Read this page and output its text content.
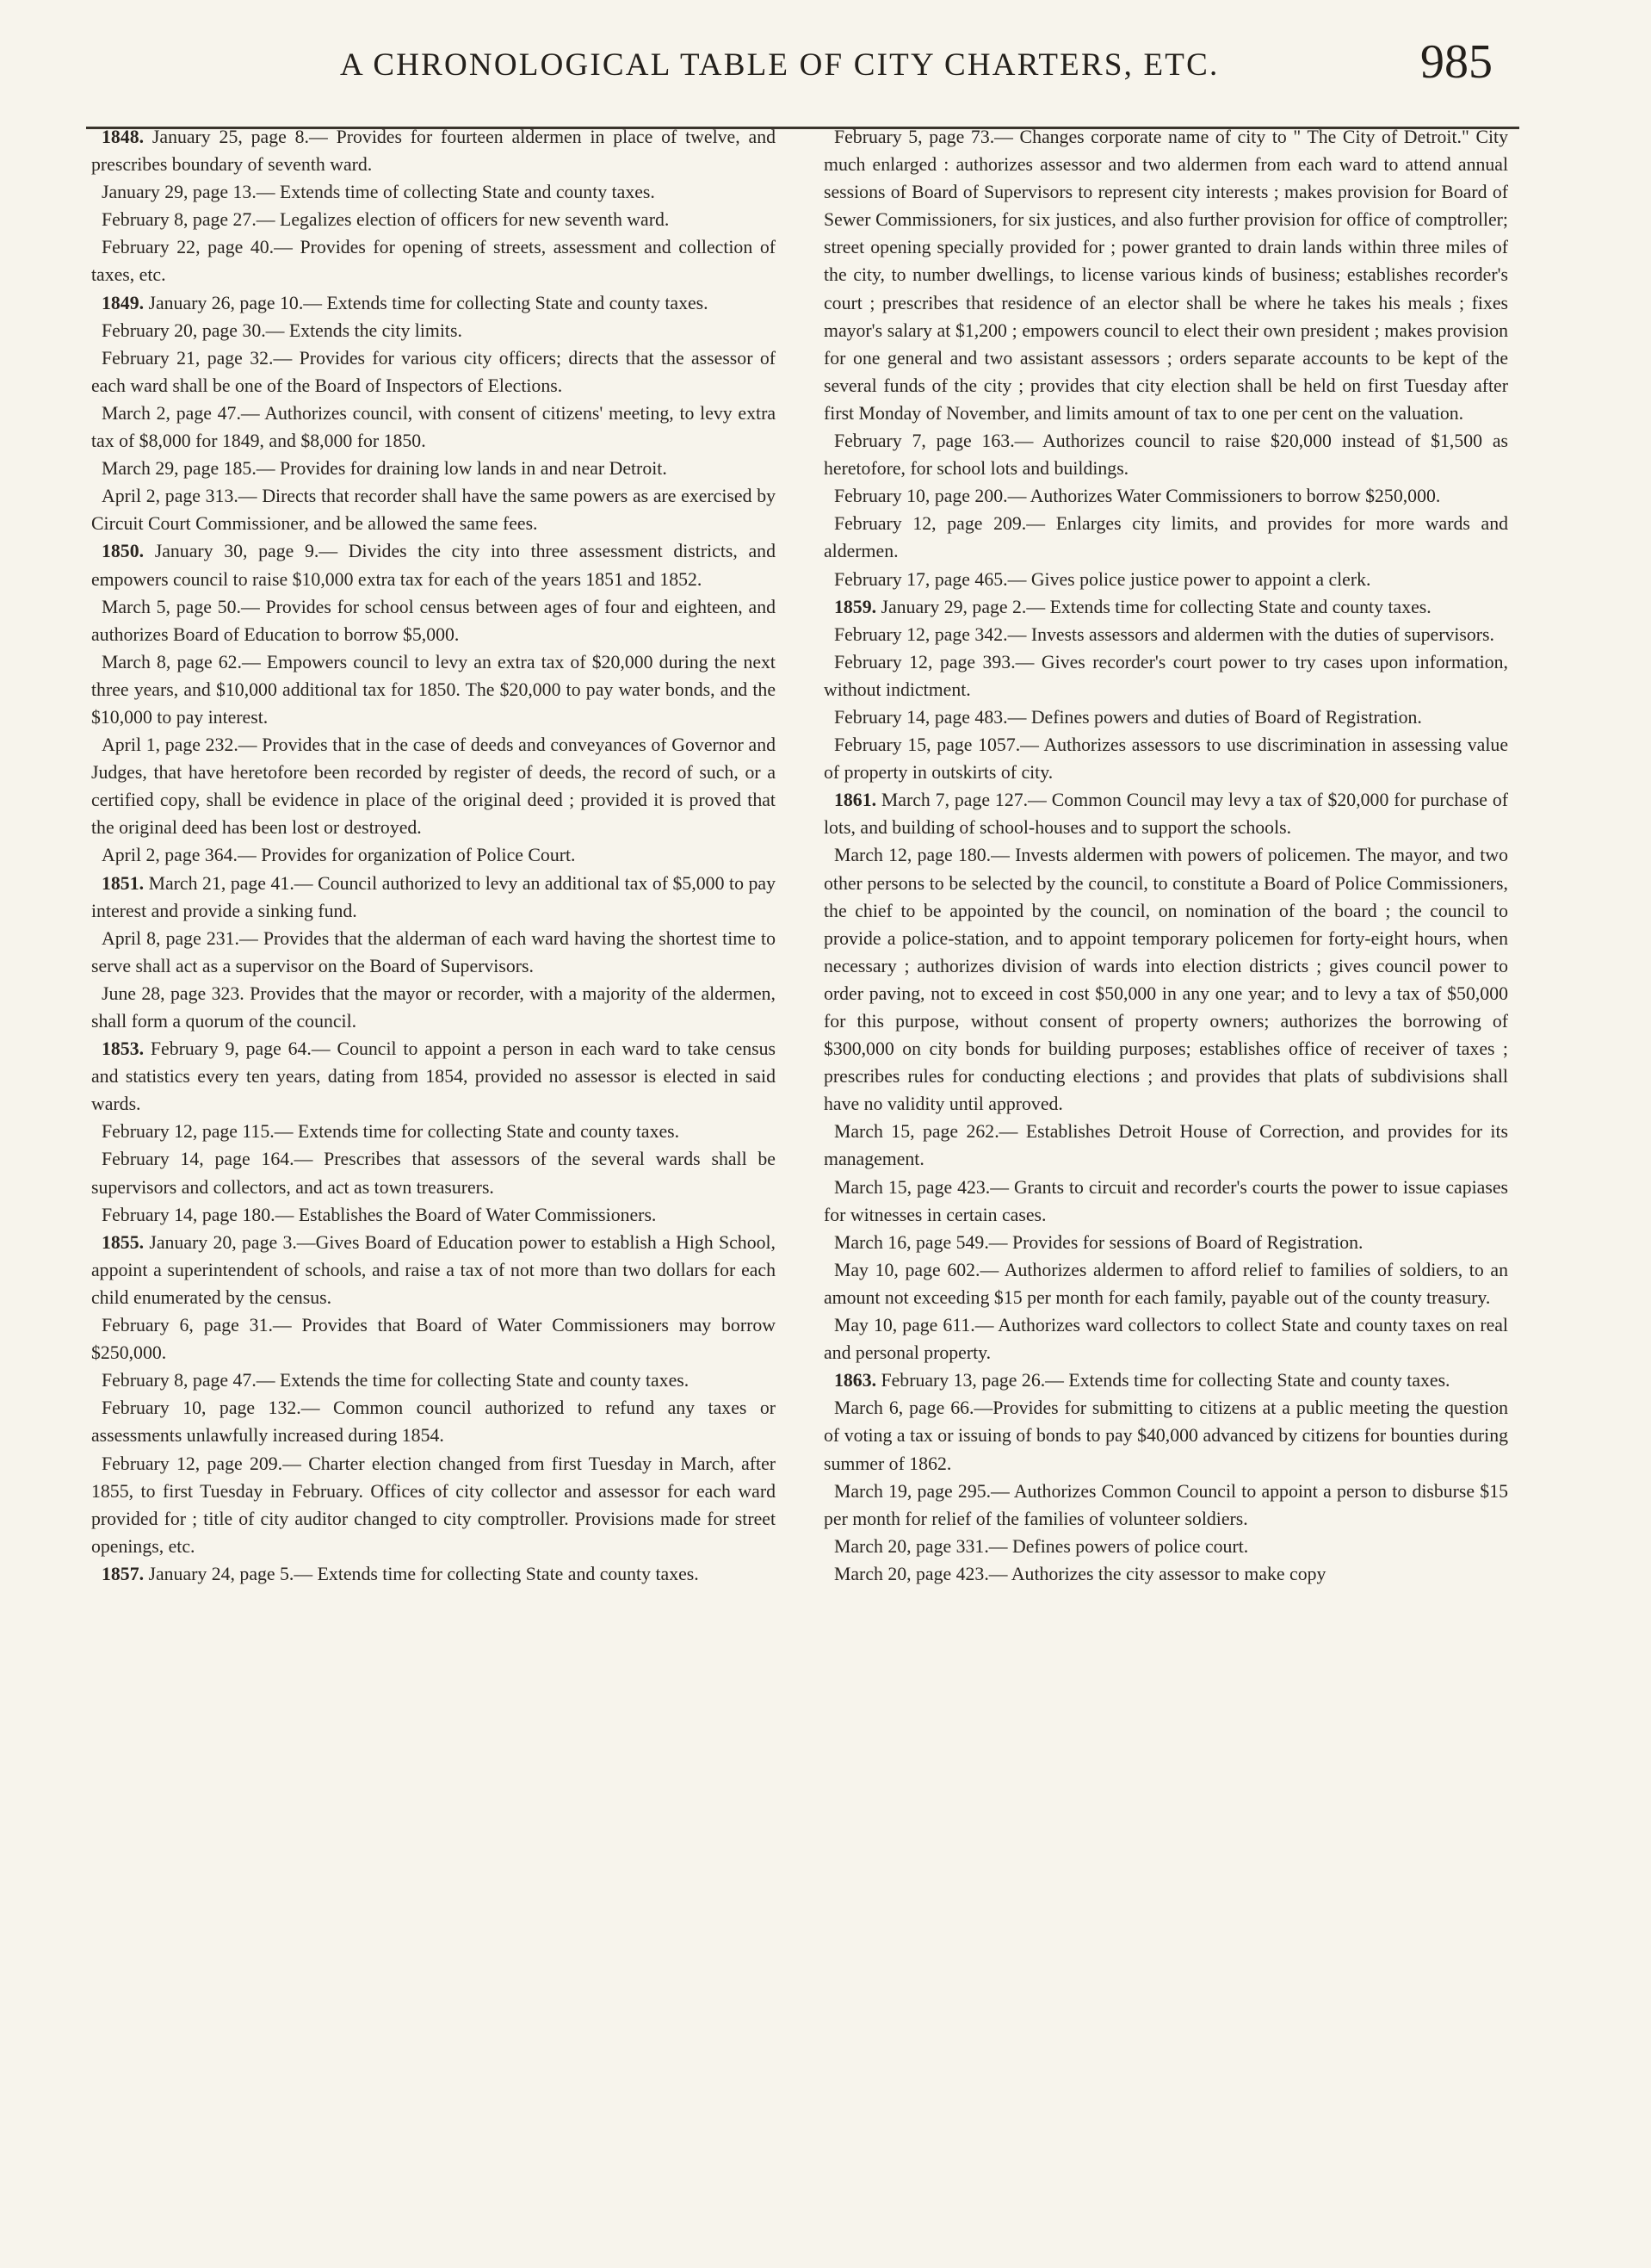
A CHRONOLOGICAL TABLE OF CITY CHARTERS, ETC.	985

1848. January 25, page 8.— Provides for fourteen aldermen in place of twelve, and prescribes boundary of seventh ward.

January 29, page 13.— Extends time of collecting State and county taxes.

February 8, page 27.— Legalizes election of officers for new seventh ward.

February 22, page 40.— Provides for opening of streets, assessment and collection of taxes, etc.

1849. January 26, page 10.— Extends time for collecting State and county taxes.

February 20, page 30.— Extends the city limits.

February 21, page 32.— Provides for various city officers; directs that the assessor of each ward shall be one of the Board of Inspectors of Elections.

March 2, page 47.— Authorizes council, with consent of citizens' meeting, to levy extra tax of $8,000 for 1849, and $8,000 for 1850.

March 29, page 185.— Provides for draining low lands in and near Detroit.

April 2, page 313.— Directs that recorder shall have the same powers as are exercised by Circuit Court Commissioner, and be allowed the same fees.

1850. January 30, page 9.— Divides the city into three assessment districts, and empowers council to raise $10,000 extra tax for each of the years 1851 and 1852.

March 5, page 50.— Provides for school census between ages of four and eighteen, and authorizes Board of Education to borrow $5,000.

March 8, page 62.— Empowers council to levy an extra tax of $20,000 during the next three years, and $10,000 additional tax for 1850. The $20,000 to pay water bonds, and the $10,000 to pay interest.

April 1, page 232.— Provides that in the case of deeds and conveyances of Governor and Judges, that have heretofore been recorded by register of deeds, the record of such, or a certified copy, shall be evidence in place of the original deed ; provided it is proved that the original deed has been lost or destroyed.

April 2, page 364.— Provides for organization of Police Court.

1851. March 21, page 41.— Council authorized to levy an additional tax of $5,000 to pay interest and provide a sinking fund.

April 8, page 231.— Provides that the alderman of each ward having the shortest time to serve shall act as a supervisor on the Board of Supervisors.

June 28, page 323. Provides that the mayor or recorder, with a majority of the aldermen, shall form a quorum of the council.

1853. February 9, page 64.— Council to appoint a person in each ward to take census and statistics every ten years, dating from 1854, provided no assessor is elected in said wards.

February 12, page 115.— Extends time for collecting State and county taxes.

February 14, page 164.— Prescribes that assessors of the several wards shall be supervisors and collectors, and act as town treasurers.

February 14, page 180.— Establishes the Board of Water Commissioners.

1855. January 20, page 3.—Gives Board of Education power to establish a High School, appoint a superintendent of schools, and raise a tax of not more than two dollars for each child enumerated by the census.

February 6, page 31.— Provides that Board of Water Commissioners may borrow $250,000.

February 8, page 47.— Extends the time for collecting State and county taxes.

February 10, page 132.— Common council authorized to refund any taxes or assessments unlawfully increased during 1854.

February 12, page 209.— Charter election changed from first Tuesday in March, after 1855, to first Tuesday in February. Offices of city collector and assessor for each ward provided for ; title of city auditor changed to city comptroller. Provisions made for street openings, etc.

1857. January 24, page 5.— Extends time for collecting State and county taxes.

February 5, page 73.— Changes corporate name of city to " The City of Detroit." City much enlarged : authorizes assessor and two aldermen from each ward to attend annual sessions of Board of Supervisors to represent city interests ; makes provision for Board of Sewer Commissioners, for six justices, and also further provision for office of comptroller; street opening specially provided for ; power granted to drain lands within three miles of the city, to number dwellings, to license various kinds of business; establishes recorder's court ; prescribes that residence of an elector shall be where he takes his meals ; fixes mayor's salary at $1,200 ; empowers council to elect their own president ; makes provision for one general and two assistant assessors ; orders separate accounts to be kept of the several funds of the city ; provides that city election shall be held on first Tuesday after first Monday of November, and limits amount of tax to one per cent on the valuation.

February 7, page 163.— Authorizes council to raise $20,000 instead of $1,500 as heretofore, for school lots and buildings.

February 10, page 200.— Authorizes Water Commissioners to borrow $250,000.

February 12, page 209.— Enlarges city limits, and provides for more wards and aldermen.

February 17, page 465.— Gives police justice power to appoint a clerk.

1859. January 29, page 2.— Extends time for collecting State and county taxes.

February 12, page 342.— Invests assessors and aldermen with the duties of supervisors.

February 12, page 393.— Gives recorder's court power to try cases upon information, without indictment.

February 14, page 483.— Defines powers and duties of Board of Registration.

February 15, page 1057.— Authorizes assessors to use discrimination in assessing value of property in outskirts of city.

1861. March 7, page 127.— Common Council may levy a tax of $20,000 for purchase of lots, and building of school-houses and to support the schools.

March 12, page 180.— Invests aldermen with powers of policemen. The mayor, and two other persons to be selected by the council, to constitute a Board of Police Commissioners, the chief to be appointed by the council, on nomination of the board ; the council to provide a police-station, and to appoint temporary policemen for forty-eight hours, when necessary ; authorizes division of wards into election districts ; gives council power to order paving, not to exceed in cost $50,000 in any one year; and to levy a tax of $50,000 for this purpose, without consent of property owners; authorizes the borrowing of $300,000 on city bonds for building purposes; establishes office of receiver of taxes ; prescribes rules for conducting elections ; and provides that plats of subdivisions shall have no validity until approved.

March 15, page 262.— Establishes Detroit House of Correction, and provides for its management.

March 15, page 423.— Grants to circuit and recorder's courts the power to issue capiases for witnesses in certain cases.

March 16, page 549.— Provides for sessions of Board of Registration.

May 10, page 602.— Authorizes aldermen to afford relief to families of soldiers, to an amount not exceeding $15 per month for each family, payable out of the county treasury.

May 10, page 611.— Authorizes ward collectors to collect State and county taxes on real and personal property.

1863. February 13, page 26.— Extends time for collecting State and county taxes.

March 6, page 66.—Provides for submitting to citizens at a public meeting the question of voting a tax or issuing of bonds to pay $40,000 advanced by citizens for bounties during summer of 1862.

March 19, page 295.— Authorizes Common Council to appoint a person to disburse $15 per month for relief of the families of volunteer soldiers.

March 20, page 331.— Defines powers of police court.

March 20, page 423.— Authorizes the city assessor to make copy
